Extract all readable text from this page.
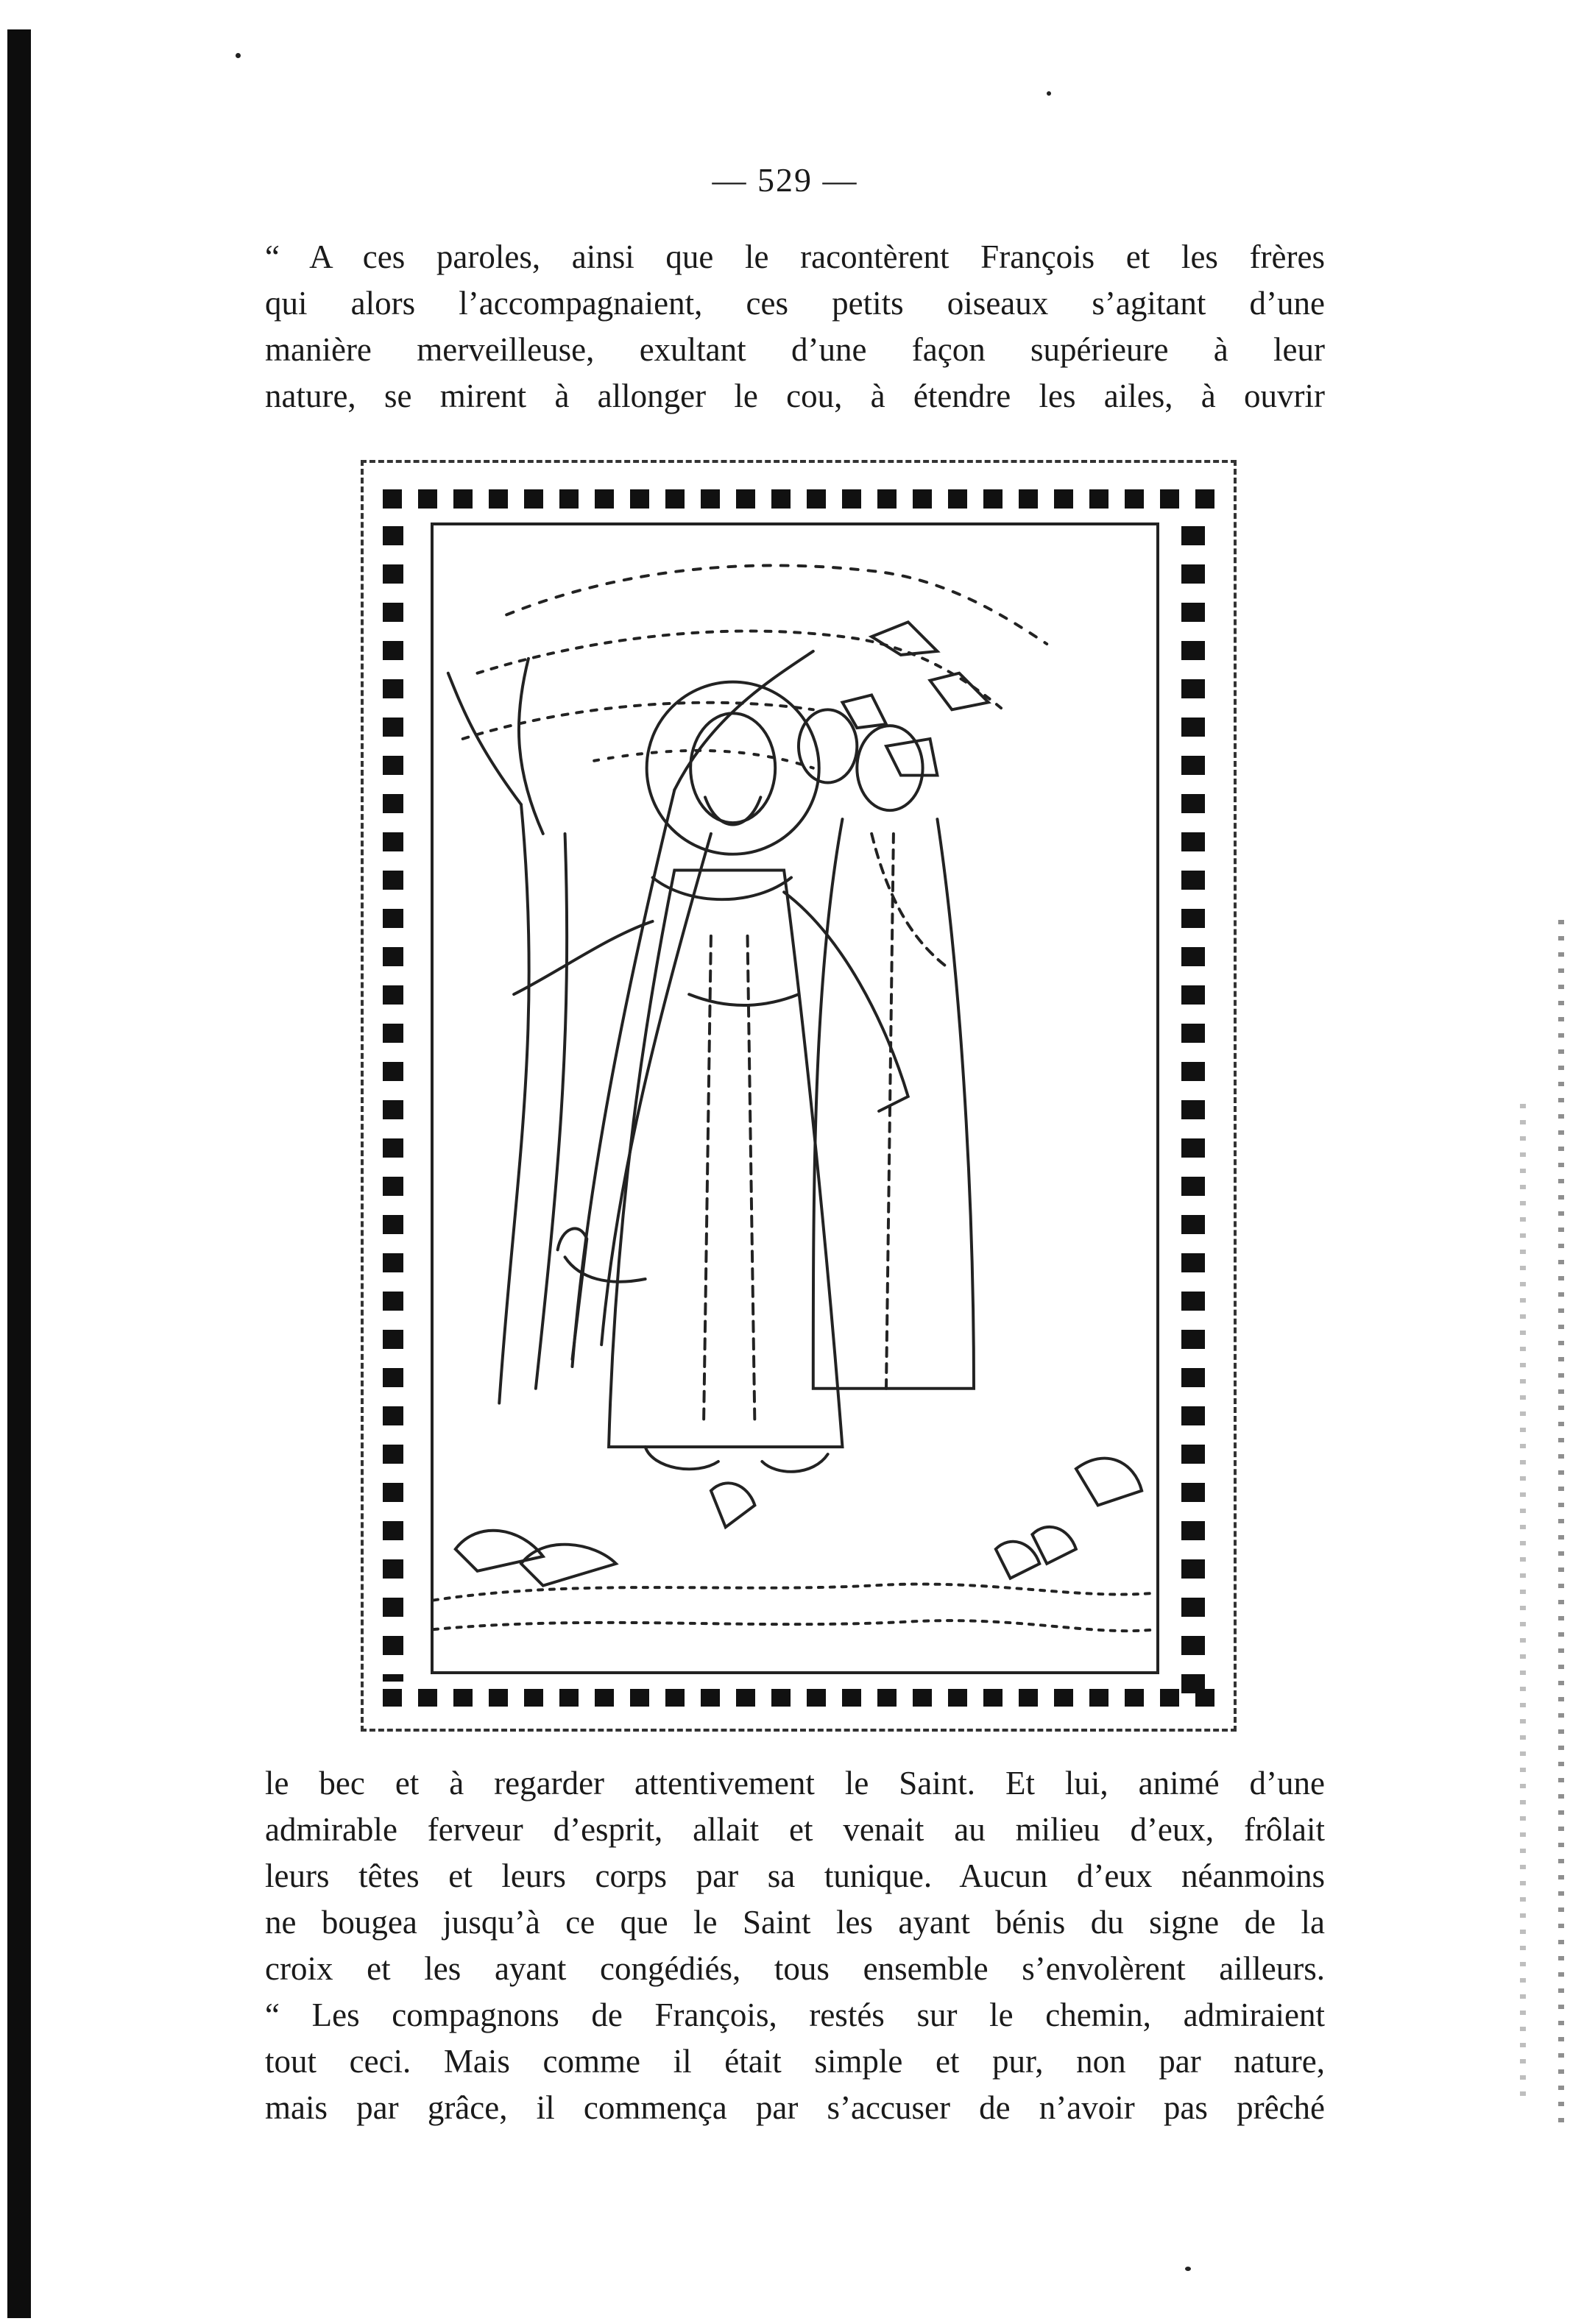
— 529 —
“ A ces paroles, ainsi que le racontèrent François et les frères
qui alors l’accompagnaient, ces petits oiseaux s’agitant d’une
manière merveilleuse, exultant d’une façon supérieure à leur
nature, se mirent à allonger le cou, à étendre les ailes, à ouvrir
le bec et à regarder attentivement le Saint. Et lui, animé d’une
admirable ferveur d’esprit, allait et venait au milieu d’eux, frôlait
leurs têtes et leurs corps par sa tunique. Aucun d’eux néanmoins
ne bougea jusqu’à ce que le Saint les ayant bénis du signe de la
croix et les ayant congédiés, tous ensemble s’envolèrent ailleurs.
“ Les compagnons de François, restés sur le chemin, admiraient
tout ceci. Mais comme il était simple et pur, non par nature,
mais par grâce, il commença par s’accuser de n’avoir pas prêché
